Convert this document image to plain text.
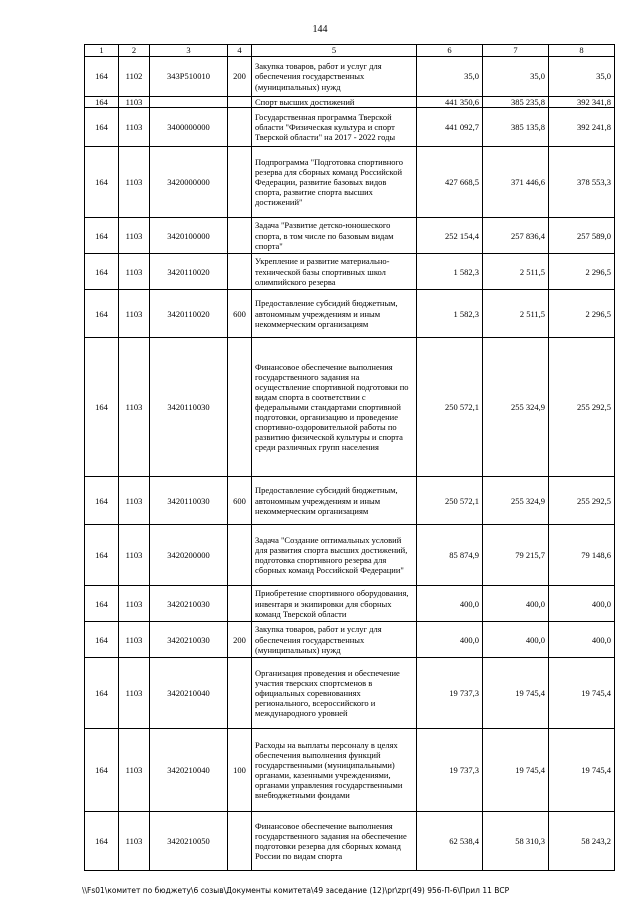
144
1	2	3	4	5	6	7	8
164	1102	343P510010	200	Закупка товаров, работ и услуг для обеспечения государственных (муниципальных) нужд	35,0	35,0	35,0
164	1103			Спорт высших достижений	441 350,6	385 235,8	392 341,8
164	1103	3400000000		Государственная программа Тверской области "Физическая культура и спорт Тверской области" на 2017 - 2022 годы	441 092,7	385 135,8	392 241,8
164	1103	3420000000		Подпрограмма "Подготовка спортивного резерва для сборных команд Российской Федерации, развитие базовых видов спорта, развитие спорта высших достижений"	427 668,5	371 446,6	378 553,3
164	1103	3420100000		Задача "Развитие детско-юношеского спорта, в том числе по базовым видам спорта"	252 154,4	257 836,4	257 589,0
164	1103	3420110020		Укрепление и развитие материально-технической базы спортивных школ олимпийского резерва	1 582,3	2 511,5	2 296,5
164	1103	3420110020	600	Предоставление субсидий бюджетным, автономным учреждениям и иным некоммерческим организациям	1 582,3	2 511,5	2 296,5
164	1103	3420110030		Финансовое обеспечение выполнения государственного задания на осуществление спортивной подготовки по видам спорта в соответствии с федеральными стандартами спортивной подготовки, организацию и проведение спортивно-оздоровительной работы по развитию физической культуры и спорта среди различных групп населения	250 572,1	255 324,9	255 292,5
164	1103	3420110030	600	Предоставление субсидий бюджетным, автономным учреждениям и иным некоммерческим организациям	250 572,1	255 324,9	255 292,5
164	1103	3420200000		Задача "Создание оптимальных условий для развития спорта высших достижений, подготовка спортивного резерва для сборных команд Российской Федерации"	85 874,9	79 215,7	79 148,6
164	1103	3420210030		Приобретение спортивного оборудования, инвентаря и экипировки для сборных команд Тверской области	400,0	400,0	400,0
164	1103	3420210030	200	Закупка товаров, работ и услуг для обеспечения государственных (муниципальных) нужд	400,0	400,0	400,0
164	1103	3420210040		Организация проведения и обеспечение участия тверских спортсменов в официальных соревнованиях регионального, всероссийского и международного уровней	19 737,3	19 745,4	19 745,4
164	1103	3420210040	100	Расходы на выплаты персоналу в целях обеспечения выполнения функций государственными (муниципальными) органами, казенными учреждениями, органами управления государственными внебюджетными фондами	19 737,3	19 745,4	19 745,4
164	1103	3420210050		Финансовое обеспечение выполнения государственного задания на обеспечение подготовки резерва для сборных команд России по видам спорта	62 538,4	58 310,3	58 243,2
\\Fs01\комитет по бюджету\6 созыв\Документы комитета\49 заседание (12)\pr\zpr(49) 956-П-6\Прил 11 ВСР
